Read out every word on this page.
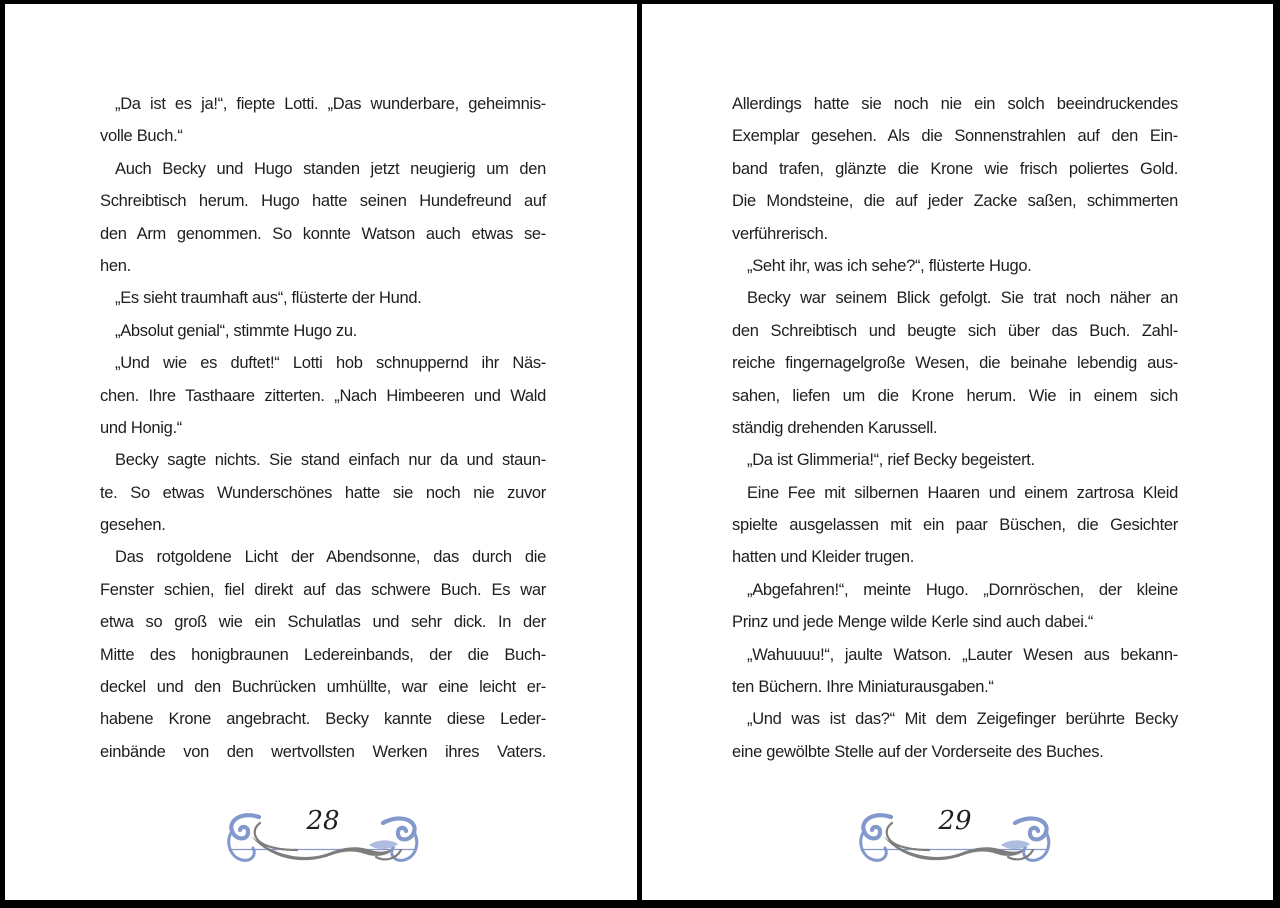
„Da ist es ja!“, fiepte Lotti. „Das wunderbare, geheimnis-
volle Buch.“
Auch Becky und Hugo standen jetzt neugierig um den
Schreibtisch herum. Hugo hatte seinen Hundefreund auf
den Arm genommen. So konnte Watson auch etwas se-
hen.
„Es sieht traumhaft aus“, flüsterte der Hund.
„Absolut genial“, stimmte Hugo zu.
„Und wie es duftet!“ Lotti hob schnuppernd ihr Näs-
chen. Ihre Tasthaare zitterten. „Nach Himbeeren und Wald
und Honig.“
Becky sagte nichts. Sie stand einfach nur da und staun-
te. So etwas Wunderschönes hatte sie noch nie zuvor
gesehen.
Das rotgoldene Licht der Abendsonne, das durch die
Fenster schien, fiel direkt auf das schwere Buch. Es war
etwa so groß wie ein Schulatlas und sehr dick. In der
Mitte des honigbraunen Ledereinbands, der die Buch-
deckel und den Buchrücken umhüllte, war eine leicht er-
habene Krone angebracht. Becky kannte diese Leder-
einbände von den wertvollsten Werken ihres Vaters.
28
Allerdings hatte sie noch nie ein solch beeindruckendes
Exemplar gesehen. Als die Sonnenstrahlen auf den Ein-
band trafen, glänzte die Krone wie frisch poliertes Gold.
Die Mondsteine, die auf jeder Zacke saßen, schimmerten
verführerisch.
„Seht ihr, was ich sehe?“, flüsterte Hugo.
Becky war seinem Blick gefolgt. Sie trat noch näher an
den Schreibtisch und beugte sich über das Buch. Zahl-
reiche fingernagelgroße Wesen, die beinahe lebendig aus-
sahen, liefen um die Krone herum. Wie in einem sich
ständig drehenden Karussell.
„Da ist Glimmeria!“, rief Becky begeistert.
Eine Fee mit silbernen Haaren und einem zartrosa Kleid
spielte ausgelassen mit ein paar Büschen, die Gesichter
hatten und Kleider trugen.
„Abgefahren!“, meinte Hugo. „Dornröschen, der kleine
Prinz und jede Menge wilde Kerle sind auch dabei.“
„Wahuuuu!“, jaulte Watson. „Lauter Wesen aus bekann-
ten Büchern. Ihre Miniaturausgaben.“
„Und was ist das?“ Mit dem Zeigefinger berührte Becky
eine gewölbte Stelle auf der Vorderseite des Buches.
29
